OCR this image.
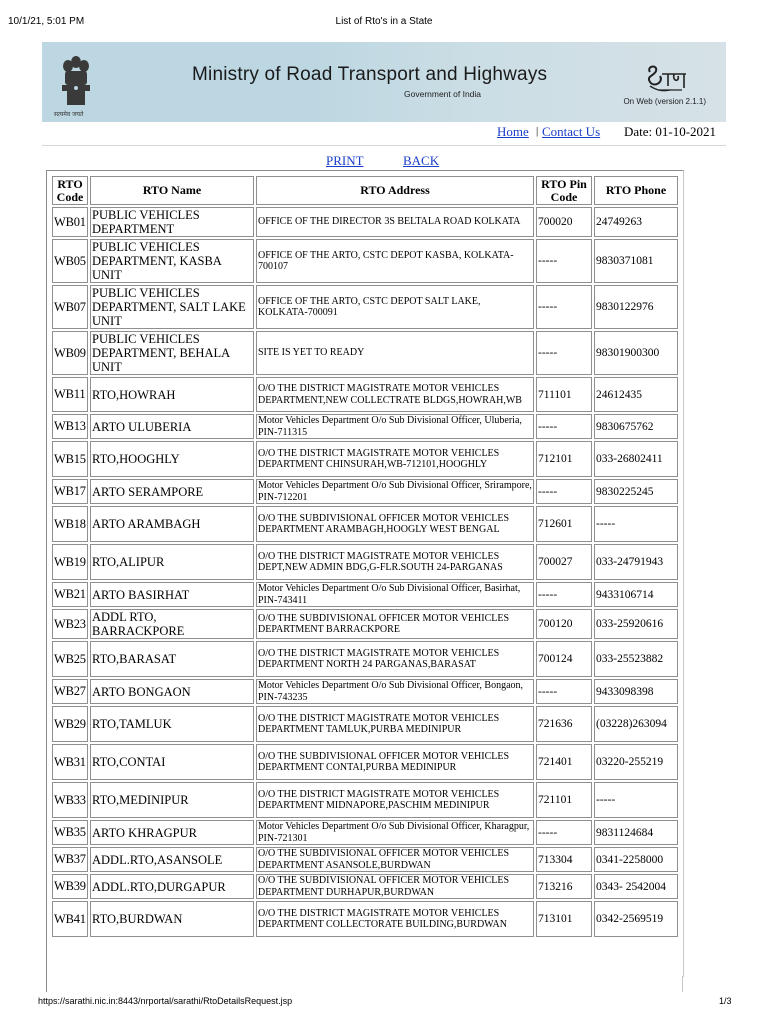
10/1/21, 5:01 PM	List of Rto's in a State
सत्यमेव जयते
Ministry of Road Transport and Highways
Government of India
On Web (version 2.1.1)
Home | Contact Us Date: 01-10-2021
PRINT	BACK
RTO Code	RTO Name	RTO Address	RTO Pin Code	RTO Phone
WB01	PUBLIC VEHICLES DEPARTMENT	OFFICE OF THE DIRECTOR 3S BELTALA ROAD KOLKATA	700020	24749263
WB05	PUBLIC VEHICLES DEPARTMENT, KASBA UNIT	OFFICE OF THE ARTO, CSTC DEPOT KASBA, KOLKATA-700107	-----	9830371081
WB07	PUBLIC VEHICLES DEPARTMENT, SALT LAKE UNIT	OFFICE OF THE ARTO, CSTC DEPOT SALT LAKE, KOLKATA-700091	-----	9830122976
WB09	PUBLIC VEHICLES DEPARTMENT, BEHALA UNIT	SITE IS YET TO READY	-----	98301900300
WB11	RTO,HOWRAH	O/O THE DISTRICT MAGISTRATE MOTOR VEHICLES DEPARTMENT,NEW COLLECTRATE BLDGS,HOWRAH,WB	711101	24612435
WB13	ARTO ULUBERIA	Motor Vehicles Department O/o Sub Divisional Officer, Uluberia, PIN-711315	-----	9830675762
WB15	RTO,HOOGHLY	O/O THE DISTRICT MAGISTRATE MOTOR VEHICLES DEPARTMENT CHINSURAH,WB-712101,HOOGHLY	712101	033-26802411
WB17	ARTO SERAMPORE	Motor Vehicles Department O/o Sub Divisional Officer, Srirampore, PIN-712201	-----	9830225245
WB18	ARTO ARAMBAGH	O/O THE SUBDIVISIONAL OFFICER MOTOR VEHICLES DEPARTMENT ARAMBAGH,HOOGLY WEST BENGAL	712601	-----
WB19	RTO,ALIPUR	O/O THE DISTRICT MAGISTRATE MOTOR VEHICLES DEPT,NEW ADMIN BDG,G-FLR.SOUTH 24-PARGANAS	700027	033-24791943
WB21	ARTO BASIRHAT	Motor Vehicles Department O/o Sub Divisional Officer, Basirhat, PIN-743411	-----	9433106714
WB23	ADDL RTO, BARRACKPORE	O/O THE SUBDIVISIONAL OFFICER MOTOR VEHICLES DEPARTMENT BARRACKPORE	700120	033-25920616
WB25	RTO,BARASAT	O/O THE DISTRICT MAGISTRATE MOTOR VEHICLES DEPARTMENT NORTH 24 PARGANAS,BARASAT	700124	033-25523882
WB27	ARTO BONGAON	Motor Vehicles Department O/o Sub Divisional Officer, Bongaon, PIN-743235	-----	9433098398
WB29	RTO,TAMLUK	O/O THE DISTRICT MAGISTRATE MOTOR VEHICLES DEPARTMENT TAMLUK,PURBA MEDINIPUR	721636	(03228)263094
WB31	RTO,CONTAI	O/O THE SUBDIVISIONAL OFFICER MOTOR VEHICLES DEPARTMENT CONTAI,PURBA MEDINIPUR	721401	03220-255219
WB33	RTO,MEDINIPUR	O/O THE DISTRICT MAGISTRATE MOTOR VEHICLES DEPARTMENT MIDNAPORE,PASCHIM MEDINIPUR	721101	-----
WB35	ARTO KHRAGPUR	Motor Vehicles Department O/o Sub Divisional Officer, Kharagpur, PIN-721301	-----	9831124684
WB37	ADDL.RTO,ASANSOLE	O/O THE SUBDIVISIONAL OFFICER MOTOR VEHICLES DEPARTMENT ASANSOLE,BURDWAN	713304	0341-2258000
WB39	ADDL.RTO,DURGAPUR	O/O THE SUBDIVISIONAL OFFICER MOTOR VEHICLES DEPARTMENT DURHAPUR,BURDWAN	713216	0343- 2542004
WB41	RTO,BURDWAN	O/O THE DISTRICT MAGISTRATE MOTOR VEHICLES DEPARTMENT COLLECTORATE BUILDING,BURDWAN	713101	0342-2569519
https://sarathi.nic.in:8443/nrportal/sarathi/RtoDetailsRequest.jsp	1/3
